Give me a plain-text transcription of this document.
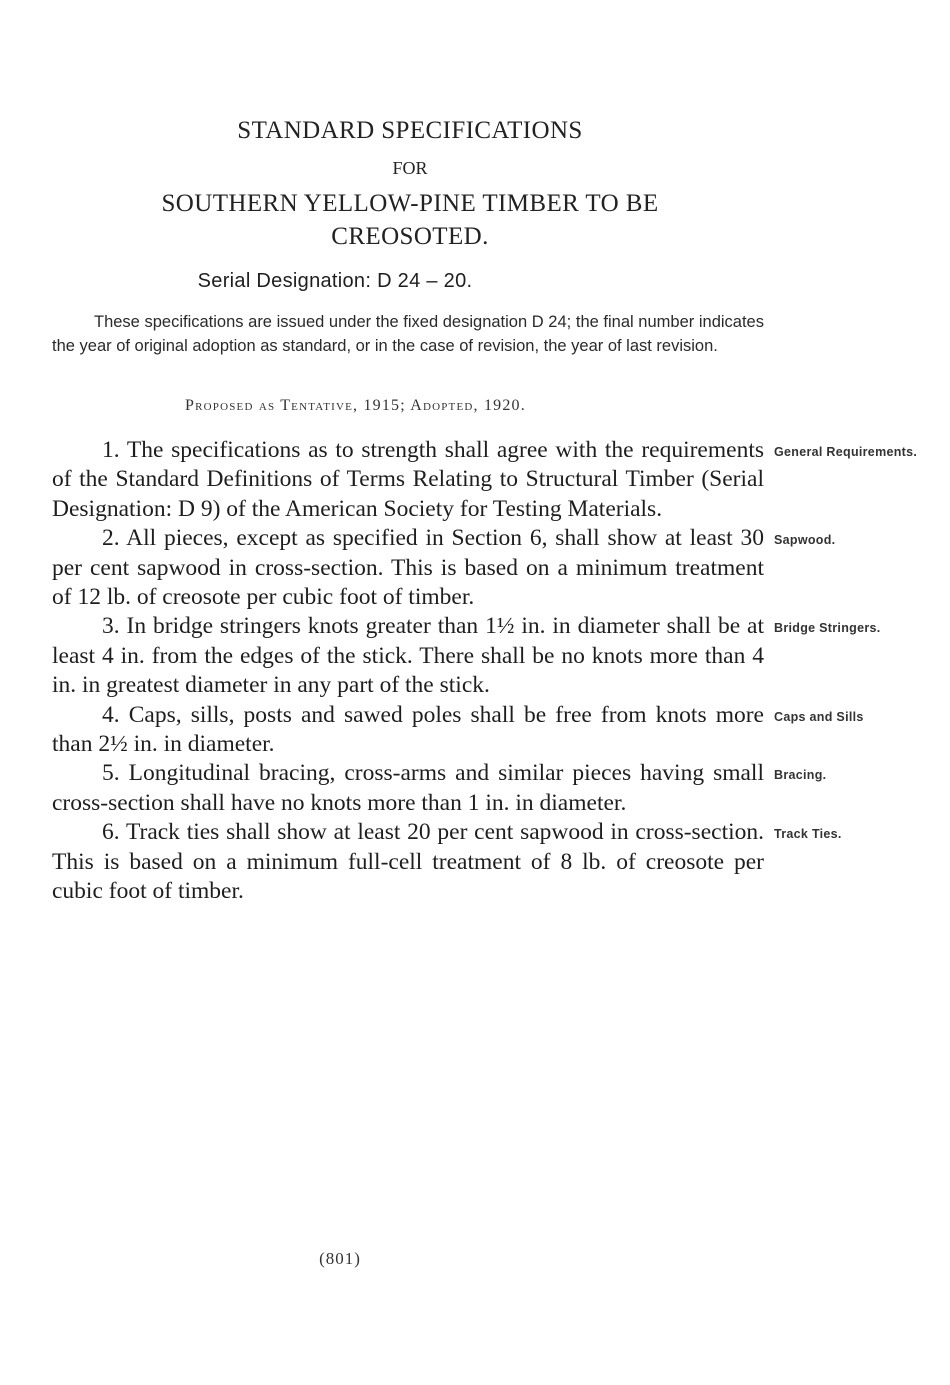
STANDARD SPECIFICATIONS
FOR
SOUTHERN YELLOW-PINE TIMBER TO BE
CREOSOTED.
Serial Designation: D 24 – 20.

These specifications are issued under the fixed designation D 24; the final number indicates the year of original adoption as standard, or in the case of revision, the year of last revision.

Proposed as Tentative, 1915; Adopted, 1920.

General Requirements.
1. The specifications as to strength shall agree with the requirements of the Standard Definitions of Terms Relating to Structural Timber (Serial Designation: D 9) of the American Society for Testing Materials.

Sapwood.
2. All pieces, except as specified in Section 6, shall show at least 30 per cent sapwood in cross-section. This is based on a minimum treatment of 12 lb. of creosote per cubic foot of timber.

Bridge Stringers.
3. In bridge stringers knots greater than 1½ in. in diameter shall be at least 4 in. from the edges of the stick. There shall be no knots more than 4 in. in greatest diameter in any part of the stick.

Caps and Sills
4. Caps, sills, posts and sawed poles shall be free from knots more than 2½ in. in diameter.

Bracing.
5. Longitudinal bracing, cross-arms and similar pieces having small cross-section shall have no knots more than 1 in. in diameter.

Track Ties.
6. Track ties shall show at least 20 per cent sapwood in cross-section. This is based on a minimum full-cell treatment of 8 lb. of creosote per cubic foot of timber.

(801)
